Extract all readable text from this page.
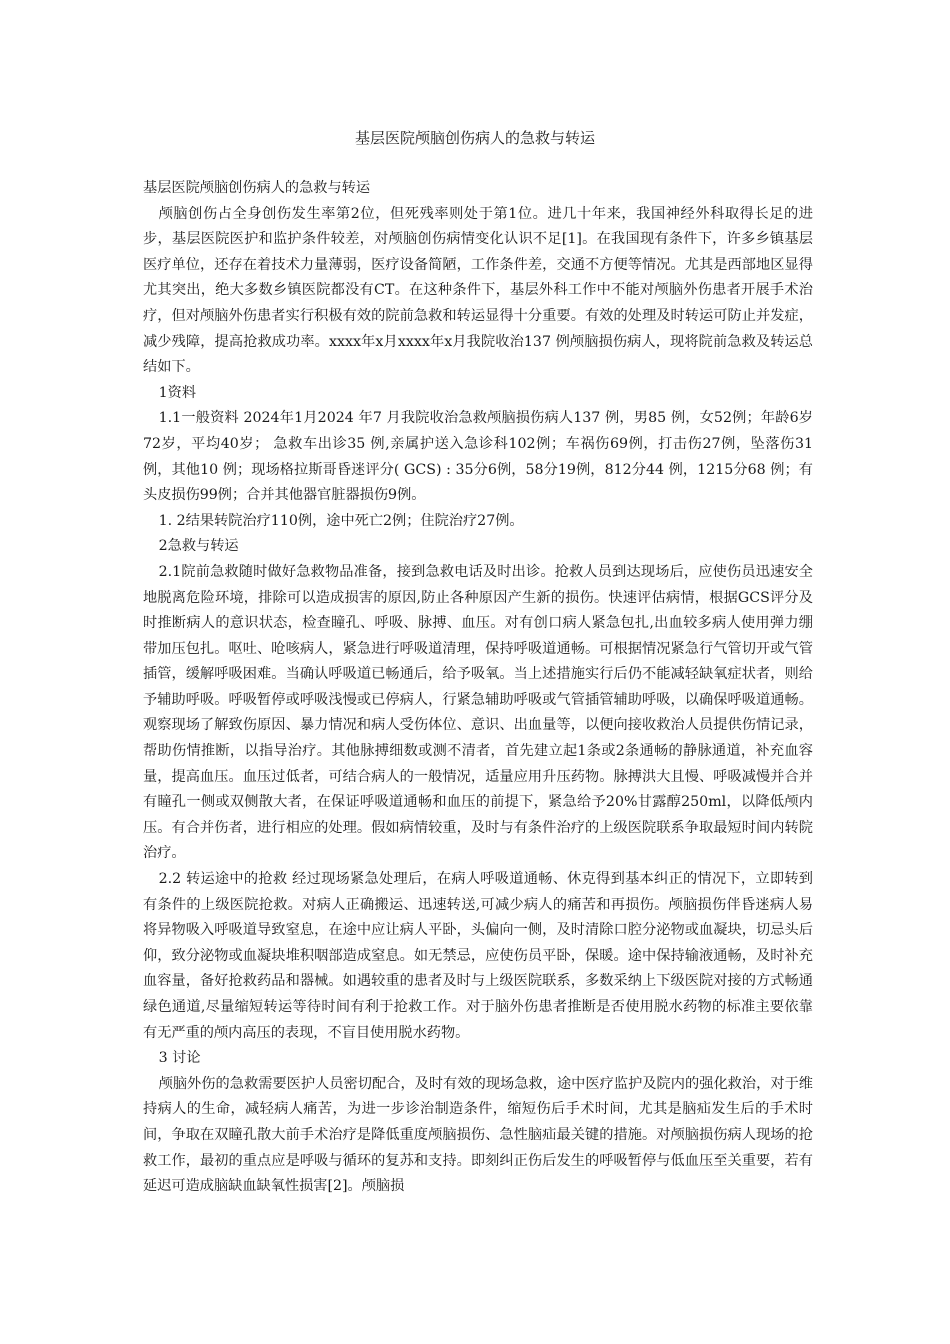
基层医院颅脑创伤病人的急救与转运

基层医院颅脑创伤病人的急救与转运

颅脑创伤占全身创伤发生率第2位，但死残率则处于第1位。进几十年来，我国神经外科取得长足的进步，基层医院医护和监护条件较差，对颅脑创伤病情变化认识不足[1]。在我国现有条件下，许多乡镇基层医疗单位，还存在着技术力量薄弱，医疗设备简陋，工作条件差，交通不方便等情况。尤其是西部地区显得尤其突出，绝大多数乡镇医院都没有CT。在这种条件下，基层外科工作中不能对颅脑外伤患者开展手术治疗，但对颅脑外伤患者实行积极有效的院前急救和转运显得十分重要。有效的处理及时转运可防止并发症，减少残障，提高抢救成功率。xxxx年x月xxxx年x月我院收治137 例颅脑损伤病人，现将院前急救及转运总结如下。

1资料

1.1一般资料 2024年1月2024 年7 月我院收治急救颅脑损伤病人137 例，男85 例，女52例；年龄6岁72岁，平均40岁； 急救车出诊35 例,亲属护送入急诊科102例；车祸伤69例，打击伤27例，坠落伤31例，其他10 例；现场格拉斯哥昏迷评分( GCS) : 35分6例，58分19例，812分44 例，1215分68 例；有头皮损伤99例；合并其他器官脏器损伤9例。

1. 2结果转院治疗110例，途中死亡2例；住院治疗27例。

2急救与转运

2.1院前急救随时做好急救物品准备，接到急救电话及时出诊。抢救人员到达现场后，应使伤员迅速安全地脱离危险环境，排除可以造成损害的原因,防止各种原因产生新的损伤。快速评估病情，根据GCS评分及时推断病人的意识状态，检查瞳孔、呼吸、脉搏、血压。对有创口病人紧急包扎,出血较多病人使用弹力绷带加压包扎。呕吐、呛咳病人，紧急进行呼吸道清理，保持呼吸道通畅。可根据情况紧急行气管切开或气管插管，缓解呼吸困难。当确认呼吸道已畅通后，给予吸氧。当上述措施实行后仍不能减轻缺氧症状者，则给予辅助呼吸。呼吸暂停或呼吸浅慢或已停病人，行紧急辅助呼吸或气管插管辅助呼吸，以确保呼吸道通畅。观察现场了解致伤原因、暴力情况和病人受伤体位、意识、出血量等，以便向接收救治人员提供伤情记录，帮助伤情推断，以指导治疗。其他脉搏细数或测不清者，首先建立起1条或2条通畅的静脉通道，补充血容量，提高血压。血压过低者，可结合病人的一般情况，适量应用升压药物。脉搏洪大且慢、呼吸减慢并合并有瞳孔一侧或双侧散大者，在保证呼吸道通畅和血压的前提下，紧急给予20%甘露醇250ml，以降低颅内压。有合并伤者，进行相应的处理。假如病情较重，及时与有条件治疗的上级医院联系争取最短时间内转院治疗。

2.2 转运途中的抢救 经过现场紧急处理后，在病人呼吸道通畅、休克得到基本纠正的情况下，立即转到有条件的上级医院抢救。对病人正确搬运、迅速转送,可减少病人的痛苦和再损伤。颅脑损伤伴昏迷病人易将异物吸入呼吸道导致窒息，在途中应让病人平卧，头偏向一侧，及时清除口腔分泌物或血凝块，切忌头后仰，致分泌物或血凝块堆积咽部造成窒息。如无禁忌，应使伤员平卧，保暖。途中保持输液通畅，及时补充血容量，备好抢救药品和器械。如遇较重的患者及时与上级医院联系，多数采纳上下级医院对接的方式畅通绿色通道,尽量缩短转运等待时间有利于抢救工作。对于脑外伤患者推断是否使用脱水药物的标准主要依靠有无严重的颅内高压的表现，不盲目使用脱水药物。

3 讨论

颅脑外伤的急救需要医护人员密切配合，及时有效的现场急救，途中医疗监护及院内的强化救治，对于维持病人的生命，减轻病人痛苦，为进一步诊治制造条件，缩短伤后手术时间，尤其是脑疝发生后的手术时间，争取在双瞳孔散大前手术治疗是降低重度颅脑损伤、急性脑疝最关键的措施。对颅脑损伤病人现场的抢救工作，最初的重点应是呼吸与循环的复苏和支持。即刻纠正伤后发生的呼吸暂停与低血压至关重要，若有延迟可造成脑缺血缺氧性损害[2]。颅脑损
